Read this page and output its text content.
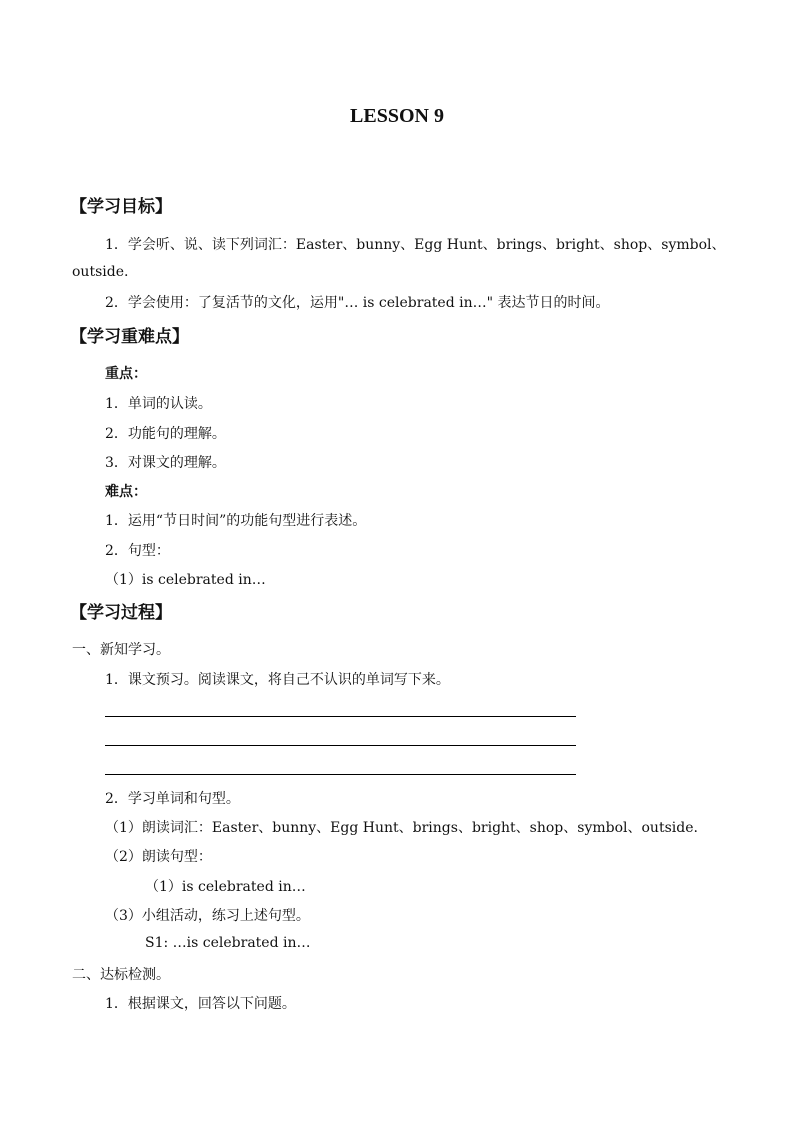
LESSON 9
【学习目标】
1．学会听、说、读下列词汇：Easter、bunny、Egg Hunt、brings、bright、shop、symbol、
outside.
2．学会使用：了复活节的文化，运用"… is celebrated in…" 表达节日的时间。
【学习重难点】
重点：
1．单词的认读。
2．功能句的理解。
3．对课文的理解。
难点：
1．运用“节日时间”的功能句型进行表述。
2．句型：
（1）is celebrated in…
【学习过程】
一、新知学习。
1．课文预习。阅读课文，将自己不认识的单词写下来。
2．学习单词和句型。
（1）朗读词汇：Easter、bunny、Egg Hunt、brings、bright、shop、symbol、outside.
（2）朗读句型：
（1）is celebrated in…
（3）小组活动，练习上述句型。
S1: …is celebrated in…
二、达标检测。
1．根据课文，回答以下问题。
